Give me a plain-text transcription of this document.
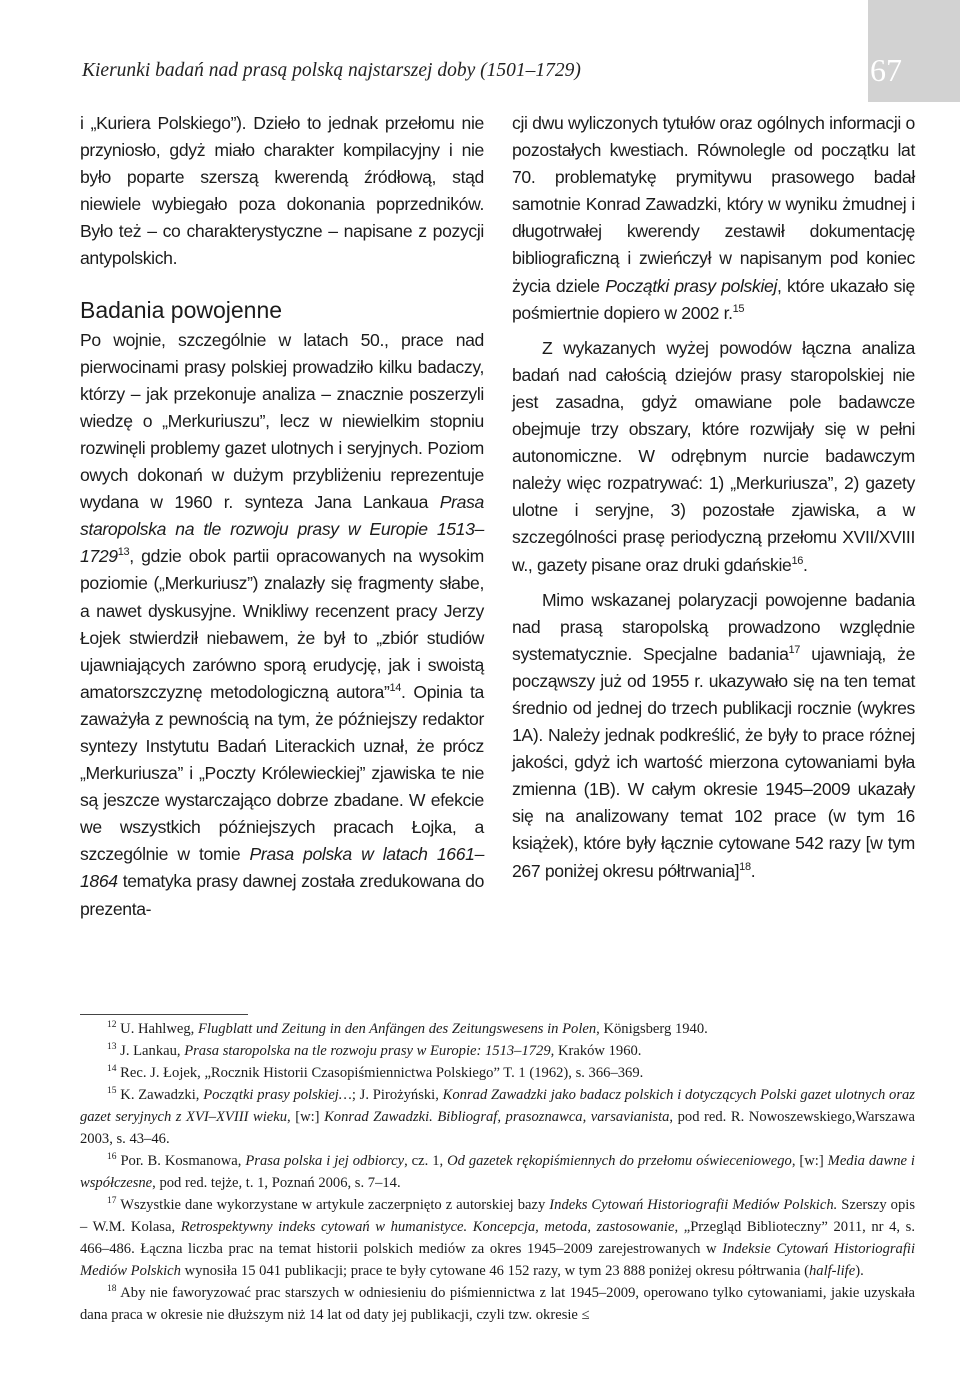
67
Kierunki badań nad prasą polską najstarszej doby (1501–1729)

i „Kuriera Polskiego”). Dzieło to jednak przełomu nie przyniosło, gdyż miało charakter kompilacyjny i nie było poparte szerszą kwerendą źródłową, stąd niewiele wybiegało poza dokonania poprzedników. Było też – co charakterystyczne – napisane z pozycji antypolskich.

Badania powojenne

Po wojnie, szczególnie w latach 50., prace nad pierwocinami prasy polskiej prowadziło kilku badaczy, którzy – jak przekonuje analiza – znacznie poszerzyli wiedzę o „Merkuriuszu”, lecz w niewielkim stopniu rozwinęli problemy gazet ulotnych i seryjnych. Poziom owych dokonań w dużym przybliżeniu reprezentuje wydana w 1960 r. synteza Jana Lankaua Prasa staropolska na tle rozwoju prasy w Europie 1513–1729$^{13}$, gdzie obok partii opracowanych na wysokim poziomie („Merkuriusz”) znalazły się fragmenty słabe, a nawet dyskusyjne. Wnikliwy recenzent pracy Jerzy Łojek stwierdził niebawem, że był to „zbiór studiów ujawniających zarówno sporą erudycję, jak i swoistą amatorszczyznę metodologiczną autora”$^{14}$. Opinia ta zaważyła z pewnością na tym, że późniejszy redaktor syntezy Instytutu Badań Literackich uznał, że prócz „Merkuriusza” i „Poczty Królewieckiej” zjawiska te nie są jeszcze wystarczająco dobrze zbadane. W efekcie we wszystkich późniejszych pracach Łojka, a szczególnie w tomie Prasa polska w latach 1661–1864 tematyka prasy dawnej została zredukowana do prezenta-

cji dwu wyliczonych tytułów oraz ogólnych informacji o pozostałych kwestiach. Równolegle od początku lat 70. problematykę prymitywu prasowego badał samotnie Konrad Zawadzki, który w wyniku żmudnej i długotrwałej kwerendy zestawił dokumentację bibliograficzną i zwieńczył w napisanym pod koniec życia dziele Początki prasy polskiej, które ukazało się pośmiertnie dopiero w 2002 r.$^{15}$

Z wykazanych wyżej powodów łączna analiza badań nad całością dziejów prasy staropolskiej nie jest zasadna, gdyż omawiane pole badawcze obejmuje trzy obszary, które rozwijały się w pełni autonomiczne. W odrębnym nurcie badawczym należy więc rozpatrywać: 1) „Merkuriusza”, 2) gazety ulotne i seryjne, 3) pozostałe zjawiska, a w szczególności prasę periodyczną przełomu XVII/XVIII w., gazety pisane oraz druki gdańskie$^{16}$.

Mimo wskazanej polaryzacji powojenne badania nad prasą staropolską prowadzono względnie systematycznie. Specjalne badania$^{17}$ ujawniają, że począwszy już od 1955 r. ukazywało się na ten temat średnio od jednej do trzech publikacji rocznie (wykres 1A). Należy jednak podkreślić, że były to prace różnej jakości, gdyż ich wartość mierzona cytowaniami była zmienna (1B). W całym okresie 1945–2009 ukazały się na analizowany temat 102 prace (w tym 16 książek), które były łącznie cytowane 542 razy [w tym 267 poniżej okresu półtrwania]$^{18}$.

$^{12}$ U. Hahlweg, Flugblatt und Zeitung in den Anfängen des Zeitungswesens in Polen, Königsberg 1940.

$^{13}$ J. Lankau, Prasa staropolska na tle rozwoju prasy w Europie: 1513–1729, Kraków 1960.

$^{14}$ Rec. J. Łojek, „Rocznik Historii Czasopiśmiennictwa Polskiego” T. 1 (1962), s. 366–369.

$^{15}$ K. Zawadzki, Początki prasy polskiej…; J. Pirożyński, Konrad Zawadzki jako badacz polskich i dotyczących Polski gazet ulotnych oraz gazet seryjnych z XVI–XVIII wieku, [w:] Konrad Zawadzki. Bibliograf, prasoznawca, varsavianista, pod red. R. Nowoszewskiego,Warszawa 2003, s. 43–46.

$^{16}$ Por. B. Kosmanowa, Prasa polska i jej odbiorcy, cz. 1, Od gazetek rękopiśmiennych do przełomu oświeceniowego, [w:] Media dawne i współczesne, pod red. tejże, t. 1, Poznań 2006, s. 7–14.

$^{17}$ Wszystkie dane wykorzystane w artykule zaczerpnięto z autorskiej bazy Indeks Cytowań Historiografii Mediów Polskich. Szerszy opis – W.M. Kolasa, Retrospektywny indeks cytowań w humanistyce. Koncepcja, metoda, zastosowanie, „Przegląd Biblioteczny” 2011, nr 4, s. 466–486. Łączna liczba prac na temat historii polskich mediów za okres 1945–2009 zarejestrowanych w Indeksie Cytowań Historiografii Mediów Polskich wynosiła 15 041 publikacji; prace te były cytowane 46 152 razy, w tym 23 888 poniżej okresu półtrwania (half-life).

$^{18}$ Aby nie faworyzować prac starszych w odniesieniu do piśmiennictwa z lat 1945–2009, operowano tylko cytowaniami, jakie uzyskała dana praca w okresie nie dłuższym niż 14 lat od daty jej publikacji, czyli tzw. okresie ≤
